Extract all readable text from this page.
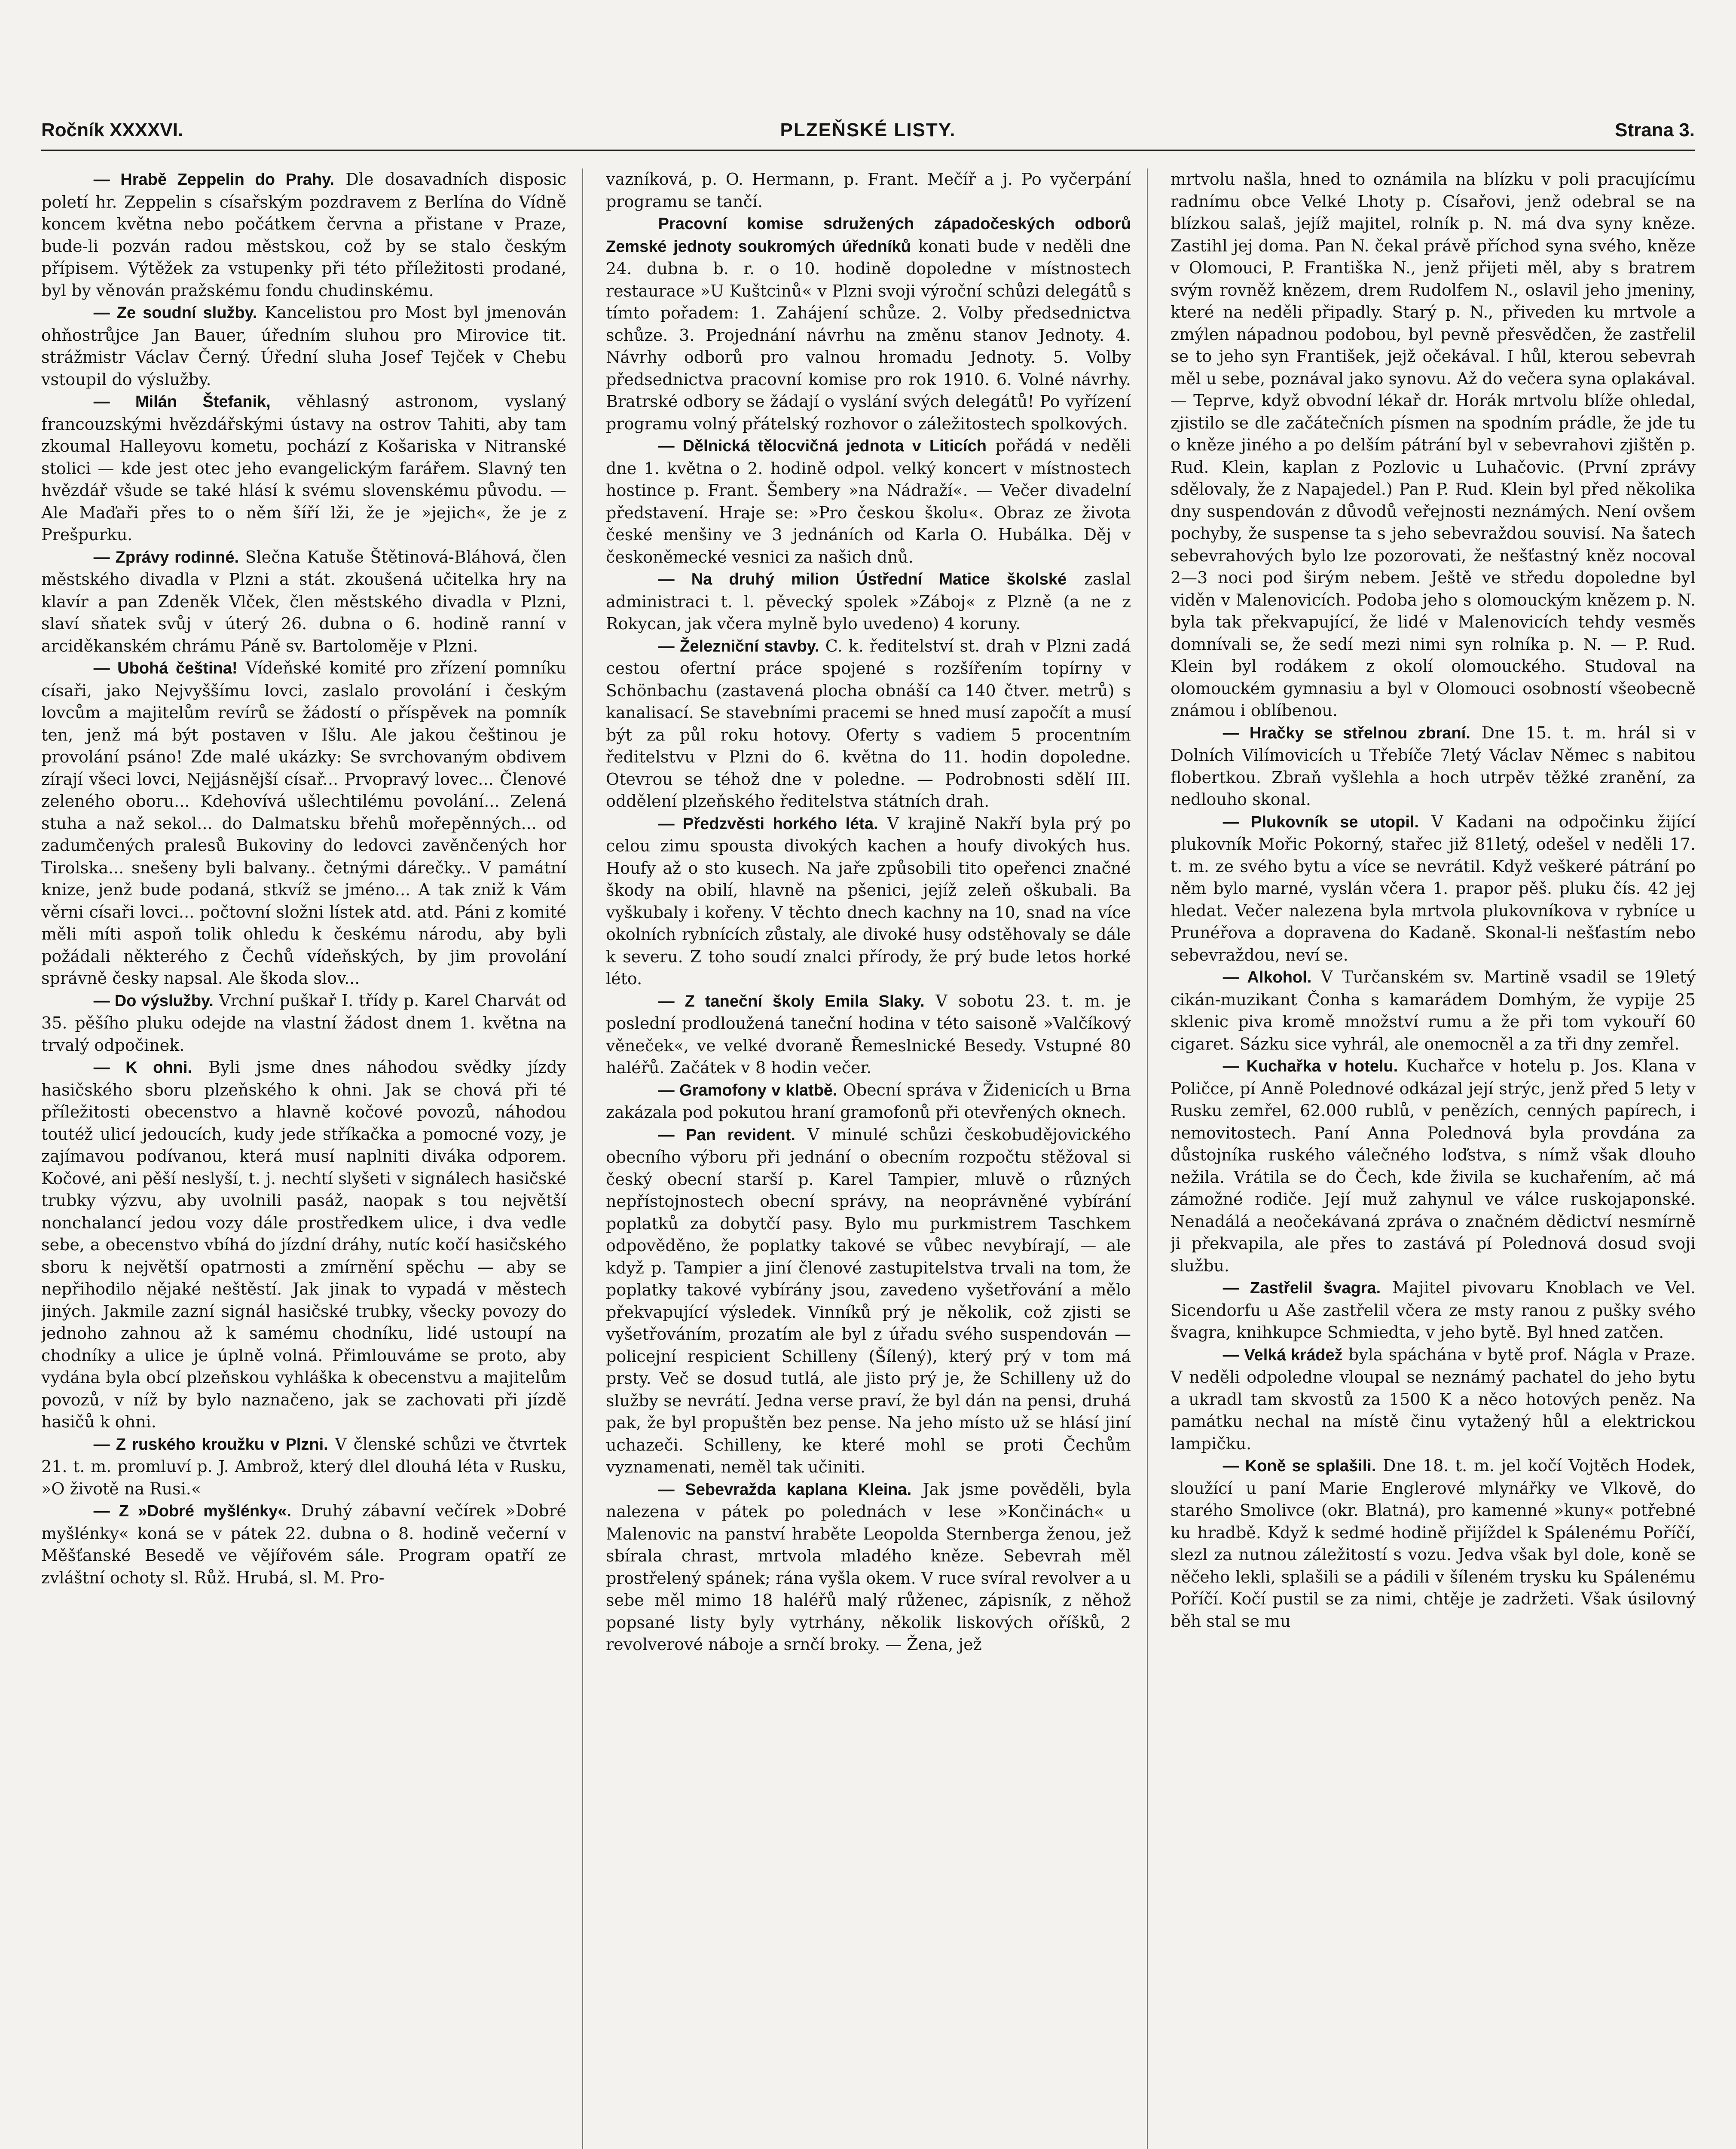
Ročník XXXXVI.	PLZEŇSKÉ LISTY.	Strana 3.

— Hrabě Zeppelin do Prahy. Dle dosavadních disposic poletí hr. Zeppelin s císařským pozdravem z Berlína do Vídně koncem května nebo počátkem června a přistane v Praze, bude-li pozván radou městskou, což by se stalo českým přípisem. Výtěžek za vstupenky při této příležitosti prodané, byl by věnován pražskému fondu chudinskému.

— Ze soudní služby. Kancelistou pro Most byl jmenován ohňostrůjce Jan Bauer, úředním sluhou pro Mirovice tit. strážmistr Václav Černý. Úřední sluha Josef Tejček v Chebu vstoupil do výslužby.

— Milán Štefanik, věhlasný astronom, vyslaný francouzskými hvězdářskými ústavy na ostrov Tahiti, aby tam zkoumal Halleyovu kometu, pochází z Košariska v Nitranské stolici — kde jest otec jeho evangelickým farářem. Slavný ten hvězdář všude se také hlásí k svému slovenskému původu. — Ale Maďaři přes to o něm šíří lži, že je »jejich«, že je z Prešpurku.

— Zprávy rodinné. Slečna Katuše Štětinová-Bláhová, člen městského divadla v Plzni a stát. zkoušená učitelka hry na klavír a pan Zdeněk Vlček, člen městského divadla v Plzni, slaví sňatek svůj v úterý 26. dubna o 6. hodině ranní v arciděkanském chrámu Páně sv. Bartoloměje v Plzni.

— Ubohá čeština! Vídeňské komité pro zřízení pomníku císaři, jako Nejvyššímu lovci, zaslalo provolání i českým lovcům a majitelům revírů se žádostí o příspěvek na pomník ten, jenž má být postaven v Išlu. Ale jakou češtinou je provolání psáno! Zde malé ukázky: Se svrchovaným obdivem zírají všeci lovci, Nejjásnější císař... Prvopravý lovec... Členové zeleného oboru... Kdehovívá ušlechtilému povolání... Zelená stuha a naž sekol... do Dalmatsku břehů mořepěnných... od zadumčených pralesů Bukoviny do ledovci zavěnčených hor Tirolska... snešeny byli balvany.. četnými dárečky.. V památní knize, jenž bude podaná, stkvíž se jméno... A tak zniž k Vám věrni císaři lovci... počtovní složni lístek atd. atd. Páni z komité měli míti aspoň tolik ohledu k českému národu, aby byli požádali některého z Čechů vídeňských, by jim provolání správně česky napsal. Ale škoda slov...

— Do výslužby. Vrchní puškař I. třídy p. Karel Charvát od 35. pěšího pluku odejde na vlastní žádost dnem 1. května na trvalý odpočinek.

— K ohni. Byli jsme dnes náhodou svědky jízdy hasičského sboru plzeňského k ohni. Jak se chová při té příležitosti obecenstvo a hlavně kočové povozů, náhodou toutéž ulicí jedoucích, kudy jede stříkačka a pomocné vozy, je zajímavou podívanou, která musí naplniti diváka odporem. Kočové, ani pěší neslyší, t. j. nechtí slyšeti v signálech hasičské trubky výzvu, aby uvolnili pasáž, naopak s tou největší nonchalancí jedou vozy dále prostředkem ulice, i dva vedle sebe, a obecenstvo vbíhá do jízdní dráhy, nutíc kočí hasičského sboru k největší opatrnosti a zmírnění spěchu — aby se nepřihodilo nějaké neštěstí. Jak jinak to vypadá v městech jiných. Jakmile zazní signál hasičské trubky, všecky povozy do jednoho zahnou až k samému chodníku, lidé ustoupí na chodníky a ulice je úplně volná. Přimlouváme se proto, aby vydána byla obcí plzeňskou vyhláška k obecenstvu a majitelům povozů, v níž by bylo naznačeno, jak se zachovati při jízdě hasičů k ohni.

— Z ruského kroužku v Plzni. V členské schůzi ve čtvrtek 21. t. m. promluví p. J. Ambrož, který dlel dlouhá léta v Rusku, »O životě na Rusi.«

— Z »Dobré myšlénky«. Druhý zábavní večírek »Dobré myšlénky« koná se v pátek 22. dubna o 8. hodině večerní v Měšťanské Besedě ve vějířovém sále. Program opatří ze zvláštní ochoty sl. Růž. Hrubá, sl. M. Pro-

vazníková, p. O. Hermann, p. Frant. Mečíř a j. Po vyčerpání programu se tančí.

Pracovní komise sdružených západočeských odborů Zemské jednoty soukromých úředníků konati bude v neděli dne 24. dubna b. r. o 10. hodině dopoledne v místnostech restaurace »U Kuštcinů« v Plzni svoji výroční schůzi delegátů s tímto pořadem: 1. Zahájení schůze. 2. Volby předsednictva schůze. 3. Projednání návrhu na změnu stanov Jednoty. 4. Návrhy odborů pro valnou hromadu Jednoty. 5. Volby předsednictva pracovní komise pro rok 1910. 6. Volné návrhy. Bratrské odbory se žádají o vyslání svých delegátů! Po vyřízení programu volný přátelský rozhovor o záležitostech spolkových.

— Dělnická tělocvičná jednota v Liticích pořádá v neděli dne 1. května o 2. hodině odpol. velký koncert v místnostech hostince p. Frant. Šembery »na Nádraží«. — Večer divadelní představení. Hraje se: »Pro českou školu«. Obraz ze života české menšiny ve 3 jednáních od Karla O. Hubálka. Děj v českoněmecké vesnici za našich dnů.

— Na druhý milion Ústřední Matice školské zaslal administraci t. l. pěvecký spolek »Záboj« z Plzně (a ne z Rokycan, jak včera mylně bylo uvedeno) 4 koruny.

— Železniční stavby. C. k. ředitelství st. drah v Plzni zadá cestou ofertní práce spojené s rozšířením topírny v Schönbachu (zastavená plocha obnáší ca 140 čtver. metrů) s kanalisací. Se stavebními pracemi se hned musí započít a musí být za půl roku hotovy. Oferty s vadiem 5 procentním ředitelstvu v Plzni do 6. května do 11. hodin dopoledne. Otevrou se téhož dne v poledne. — Podrobnosti sdělí III. oddělení plzeňského ředitelstva státních drah.

— Předzvěsti horkého léta. V krajině Nakří byla prý po celou zimu spousta divokých kachen a houfy divokých hus. Houfy až o sto kusech. Na jaře způsobili tito opeřenci značné škody na obilí, hlavně na pšenici, jejíž zeleň oškubali. Ba vyškubaly i kořeny. V těchto dnech kachny na 10, snad na více okolních rybnících zůstaly, ale divoké husy odstěhovaly se dále k severu. Z toho soudí znalci přírody, že prý bude letos horké léto.

— Z taneční školy Emila Slaky. V sobotu 23. t. m. je poslední prodloužená taneční hodina v této saisoně »Valčíkový věneček«, ve velké dvoraně Řemeslnické Besedy. Vstupné 80 haléřů. Začátek v 8 hodin večer.

— Gramofony v klatbě. Obecní správa v Židenicích u Brna zakázala pod pokutou hraní gramofonů při otevřených oknech.

— Pan revident. V minulé schůzi českobudějovického obecního výboru při jednání o obecním rozpočtu stěžoval si český obecní starší p. Karel Tampier, mluvě o různých nepřístojnostech obecní správy, na neoprávněné vybírání poplatků za dobytčí pasy. Bylo mu purkmistrem Taschkem odpověděno, že poplatky takové se vůbec nevybírají, — ale když p. Tampier a jiní členové zastupitelstva trvali na tom, že poplatky takové vybírány jsou, zavedeno vyšetřování a mělo překvapující výsledek. Vinníků prý je několik, což zjisti se vyšetřováním, prozatím ale byl z úřadu svého suspendován — policejní respicient Schilleny (Šílený), který prý v tom má prsty. Več se dosud tutlá, ale jisto prý je, že Schilleny už do služby se nevrátí. Jedna verse praví, že byl dán na pensi, druhá pak, že byl propuštěn bez pense. Na jeho místo už se hlásí jiní uchazeči. Schilleny, ke které mohl se proti Čechům vyznamenati, neměl tak učiniti.

— Sebevražda kaplana Kleina. Jak jsme pověděli, byla nalezena v pátek po polednách v lese »Končinách« u Malenovic na panství hraběte Leopolda Sternberga ženou, jež sbírala chrast, mrtvola mladého kněze. Sebevrah měl prostřelený spánek; rána vyšla okem. V ruce svíral revolver a u sebe měl mimo 18 haléřů malý růženec, zápisník, z něhož popsané listy byly vytrhány, několik liskových oříšků, 2 revolverové náboje a srnčí broky. — Žena, jež

mrtvolu našla, hned to oznámila na blízku v poli pracujícímu radnímu obce Velké Lhoty p. Císařovi, jenž odebral se na blízkou salaš, jejíž majitel, rolník p. N. má dva syny kněze. Zastihl jej doma. Pan N. čekal právě příchod syna svého, kněze v Olomouci, P. Františka N., jenž přijeti měl, aby s bratrem svým rovněž knězem, drem Rudolfem N., oslavil jeho jmeniny, které na neděli připadly. Starý p. N., přiveden ku mrtvole a zmýlen nápadnou podobou, byl pevně přesvědčen, že zastřelil se to jeho syn František, jejž očekával. I hůl, kterou sebevrah měl u sebe, poznával jako synovu. Až do večera syna oplakával. — Teprve, když obvodní lékař dr. Horák mrtvolu blíže ohledal, zjistilo se dle začátečních písmen na spodním prádle, že jde tu o kněze jiného a po delším pátrání byl v sebevrahovi zjištěn p. Rud. Klein, kaplan z Pozlovic u Luhačovic. (První zprávy sdělovaly, že z Napajedel.) Pan P. Rud. Klein byl před několika dny suspendován z důvodů veřejnosti neznámých. Není ovšem pochyby, že suspense ta s jeho sebevraždou souvisí. Na šatech sebevrahových bylo lze pozorovati, že nešťastný kněz nocoval 2—3 noci pod širým nebem. Ještě ve středu dopoledne byl viděn v Malenovicích. Podoba jeho s olomouckým knězem p. N. byla tak překvapující, že lidé v Malenovicích tehdy vesměs domnívali se, že sedí mezi nimi syn rolníka p. N. — P. Rud. Klein byl rodákem z okolí olomouckého. Studoval na olomouckém gymnasiu a byl v Olomouci osobností všeobecně známou i oblíbenou.

— Hračky se střelnou zbraní. Dne 15. t. m. hrál si v Dolních Vilímovicích u Třebíče 7letý Václav Němec s nabitou flobertkou. Zbraň vyšlehla a hoch utrpěv těžké zranění, za nedlouho skonal.

— Plukovník se utopil. V Kadani na odpočinku žijící plukovník Mořic Pokorný, stařec již 81letý, odešel v neděli 17. t. m. ze svého bytu a více se nevrátil. Když veškeré pátrání po něm bylo marné, vyslán včera 1. prapor pěš. pluku čís. 42 jej hledat. Večer nalezena byla mrtvola plukovníkova v rybníce u Prunéřova a dopravena do Kadaně. Skonal-li nešťastím nebo sebevraždou, neví se.

— Alkohol. V Turčanském sv. Martině vsadil se 19letý cikán-muzikant Čonha s kamarádem Domhým, že vypije 25 sklenic piva kromě množství rumu a že při tom vykouří 60 cigaret. Sázku sice vyhrál, ale onemocněl a za tři dny zemřel.

— Kuchařka v hotelu. Kuchařce v hotelu p. Jos. Klana v Poličce, pí Anně Polednové odkázal její strýc, jenž před 5 lety v Rusku zemřel, 62.000 rublů, v penězích, cenných papírech, i nemovitostech. Paní Anna Polednová byla provdána za důstojníka ruského válečného loďstva, s nímž však dlouho nežila. Vrátila se do Čech, kde živila se kuchařením, ač má zámožné rodiče. Její muž zahynul ve válce ruskojaponské. Nenadálá a neočekávaná zpráva o značném dědictví nesmírně ji překvapila, ale přes to zastává pí Polednová dosud svoji službu.

— Zastřelil švagra. Majitel pivovaru Knoblach ve Vel. Sicendorfu u Aše zastřelil včera ze msty ranou z pušky svého švagra, knihkupce Schmiedta, v jeho bytě. Byl hned zatčen.

— Velká krádež byla spáchána v bytě prof. Nágla v Praze. V neděli odpoledne vloupal se neznámý pachatel do jeho bytu a ukradl tam skvostů za 1500 K a něco hotových peněz. Na památku nechal na místě činu vytažený hůl a elektrickou lampičku.

— Koně se splašili. Dne 18. t. m. jel kočí Vojtěch Hodek, sloužící u paní Marie Englerové mlynářky ve Vlkově, do starého Smolivce (okr. Blatná), pro kamenné »kuny« potřebné ku hradbě. Když k sedmé hodině přijíždel k Spálenému Poříčí, slezl za nutnou záležitostí s vozu. Jedva však byl dole, koně se něčeho lekli, splašili se a pádili v šíleném trysku ku Spálenému Poříčí. Kočí pustil se za nimi, chtěje je zadržeti. Však úsilovný běh stal se mu
